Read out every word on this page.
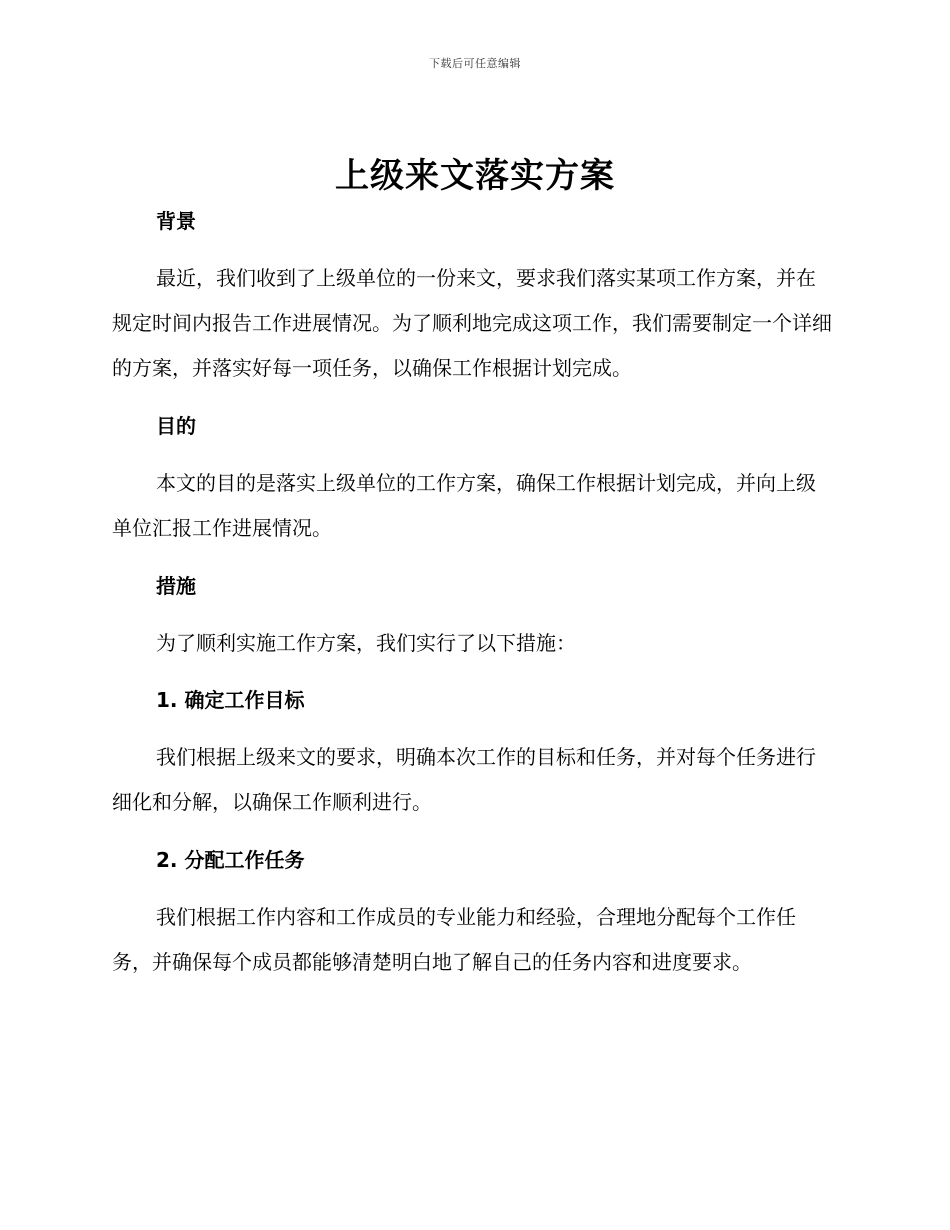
下载后可任意编辑
上级来文落实方案
背景

最近，我们收到了上级单位的一份来文，要求我们落实某项工作方案，并在规定时间内报告工作进展情况。为了顺利地完成这项工作，我们需要制定一个详细的方案，并落实好每一项任务，以确保工作根据计划完成。

目的

本文的目的是落实上级单位的工作方案，确保工作根据计划完成，并向上级单位汇报工作进展情况。

措施

为了顺利实施工作方案，我们实行了以下措施：

1. 确定工作目标

我们根据上级来文的要求，明确本次工作的目标和任务，并对每个任务进行细化和分解，以确保工作顺利进行。

2. 分配工作任务

我们根据工作内容和工作成员的专业能力和经验，合理地分配每个工作任务，并确保每个成员都能够清楚明白地了解自己的任务内容和进度要求。
